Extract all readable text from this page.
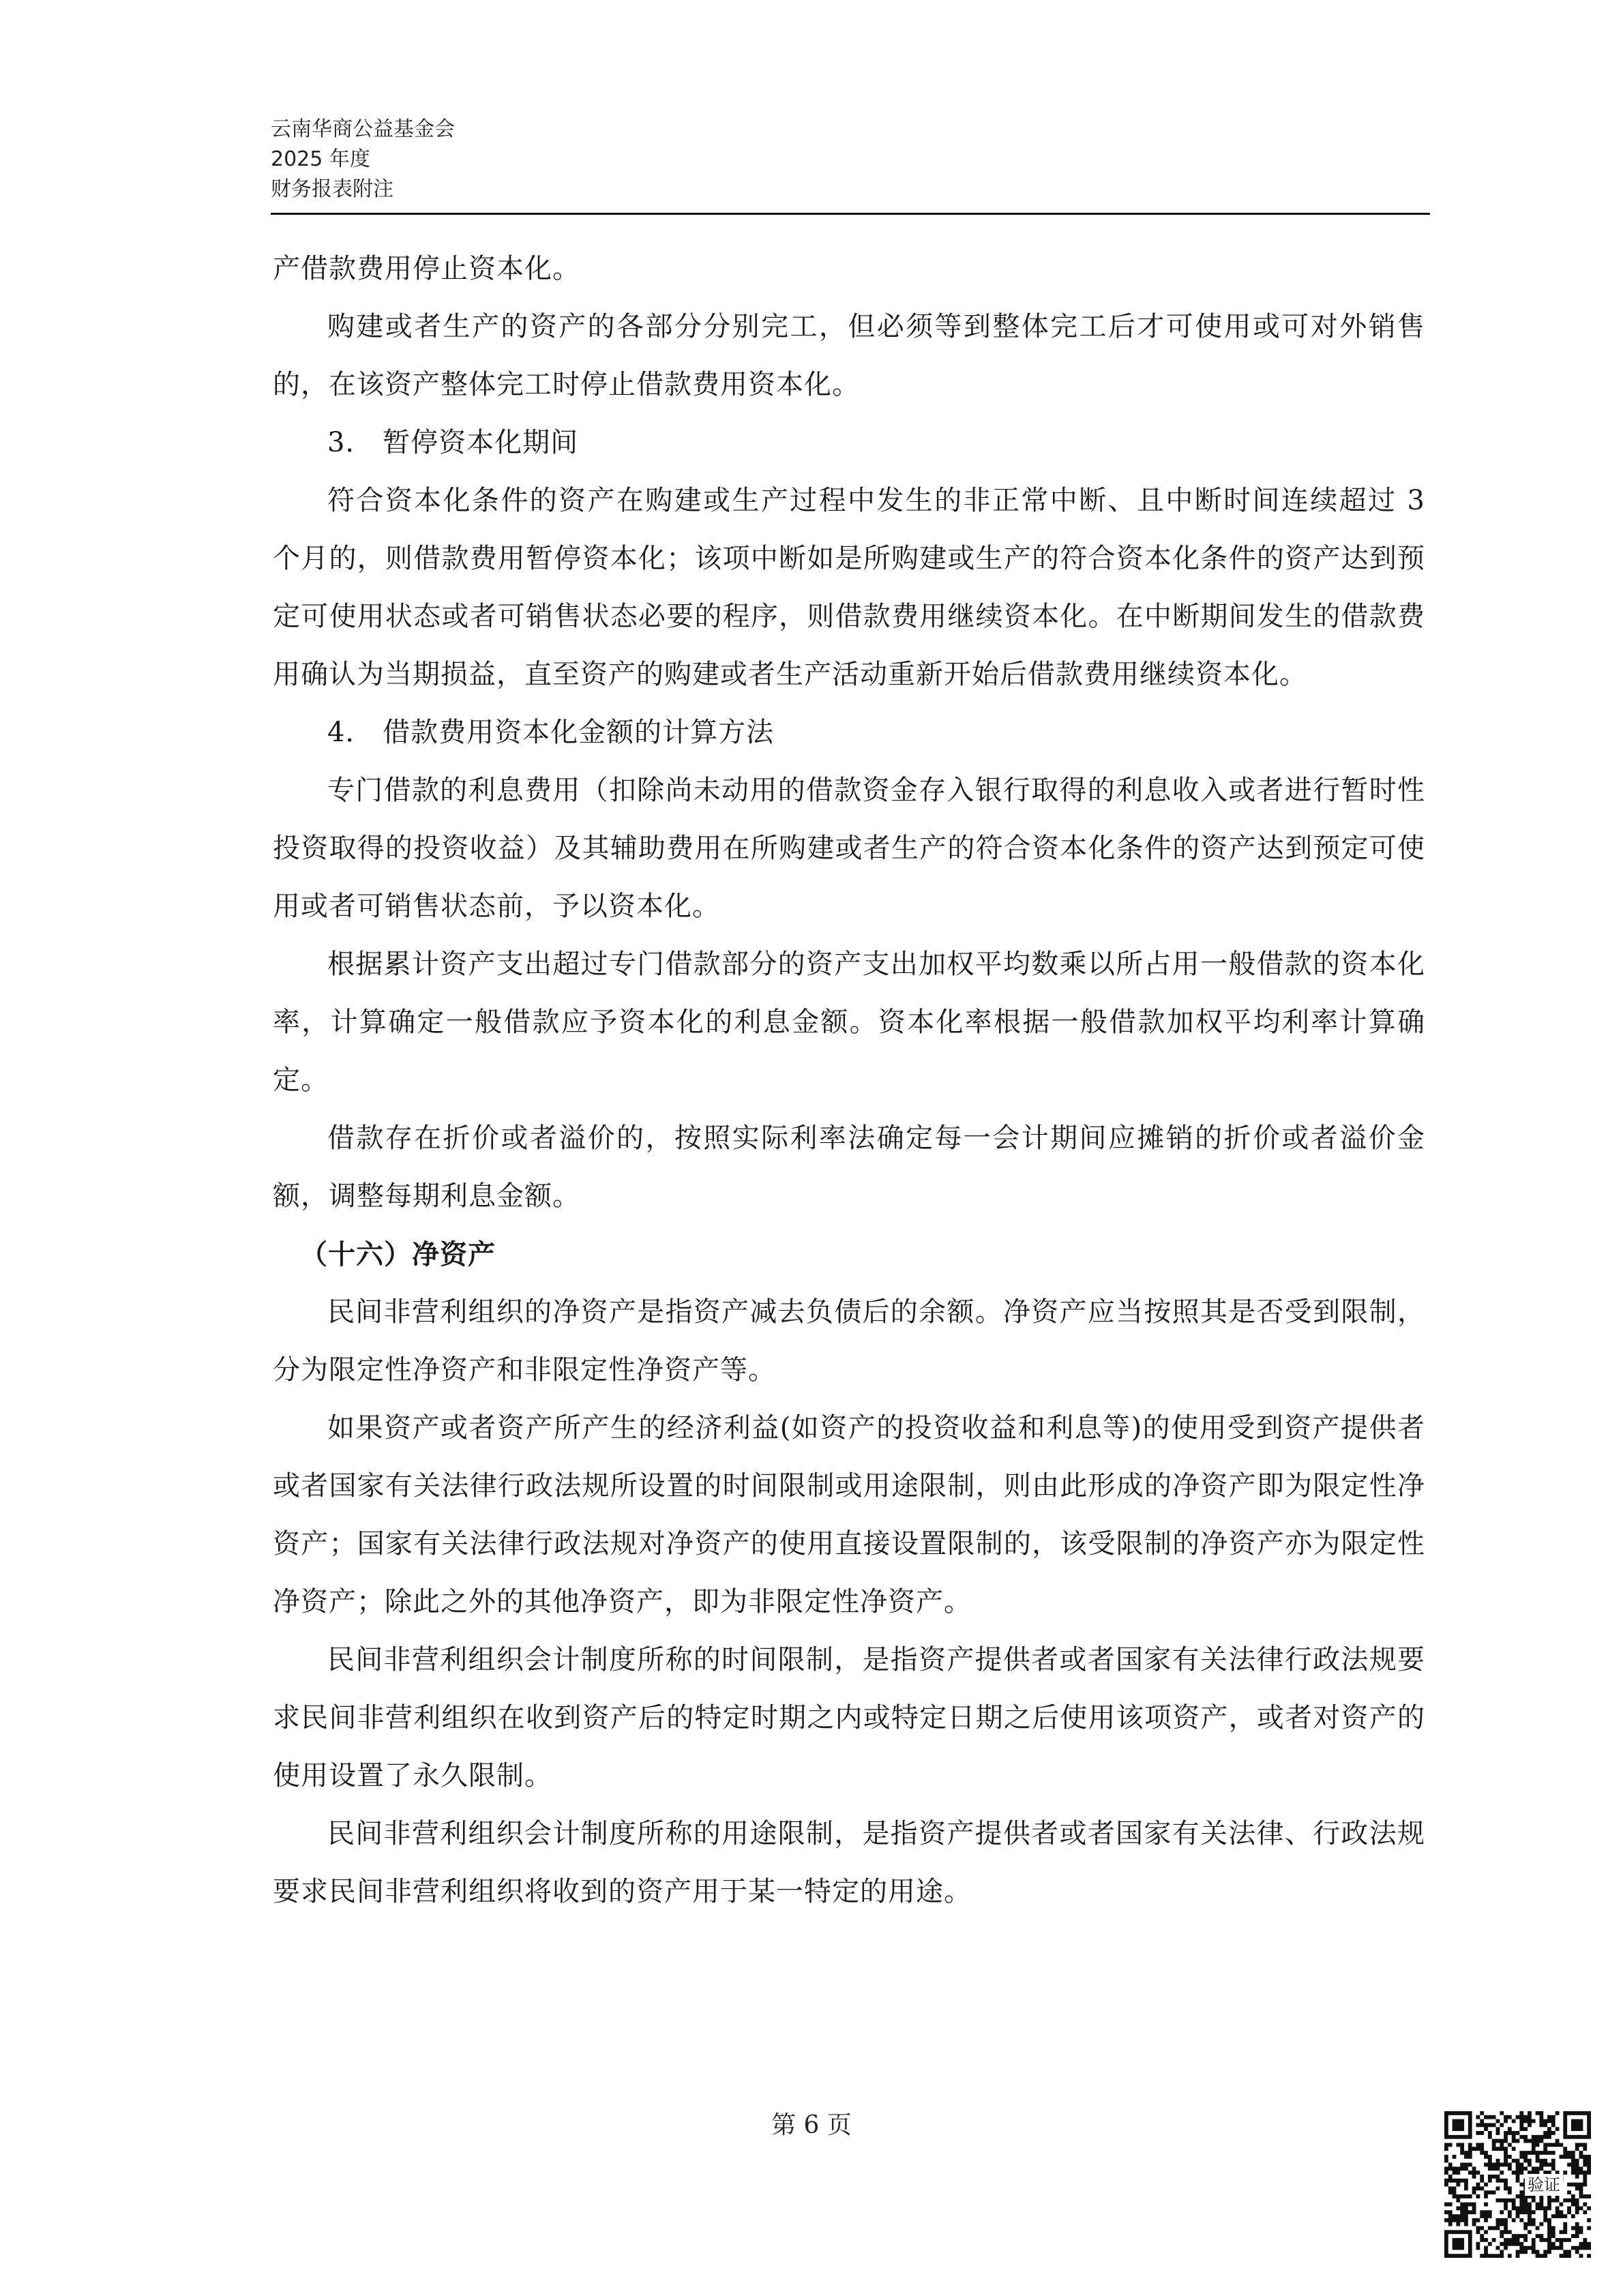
云南华商公益基金会
2025 年度
财务报表附注

产借款费用停止资本化。

购建或者生产的资产的各部分分别完工，但必须等到整体完工后才可使用或可对外销售的，在该资产整体完工时停止借款费用资本化。

3． 暂停资本化期间

符合资本化条件的资产在购建或生产过程中发生的非正常中断、且中断时间连续超过 3 个月的，则借款费用暂停资本化；该项中断如是所购建或生产的符合资本化条件的资产达到预定可使用状态或者可销售状态必要的程序，则借款费用继续资本化。在中断期间发生的借款费用确认为当期损益，直至资产的购建或者生产活动重新开始后借款费用继续资本化。

4． 借款费用资本化金额的计算方法

专门借款的利息费用（扣除尚未动用的借款资金存入银行取得的利息收入或者进行暂时性投资取得的投资收益）及其辅助费用在所购建或者生产的符合资本化条件的资产达到预定可使用或者可销售状态前，予以资本化。

根据累计资产支出超过专门借款部分的资产支出加权平均数乘以所占用一般借款的资本化率，计算确定一般借款应予资本化的利息金额。资本化率根据一般借款加权平均利率计算确定。

借款存在折价或者溢价的，按照实际利率法确定每一会计期间应摊销的折价或者溢价金额，调整每期利息金额。

（十六）净资产

民间非营利组织的净资产是指资产减去负债后的余额。净资产应当按照其是否受到限制，分为限定性净资产和非限定性净资产等。

如果资产或者资产所产生的经济利益(如资产的投资收益和利息等)的使用受到资产提供者或者国家有关法律行政法规所设置的时间限制或用途限制，则由此形成的净资产即为限定性净资产；国家有关法律行政法规对净资产的使用直接设置限制的，该受限制的净资产亦为限定性净资产；除此之外的其他净资产，即为非限定性净资产。

民间非营利组织会计制度所称的时间限制，是指资产提供者或者国家有关法律行政法规要求民间非营利组织在收到资产后的特定时期之内或特定日期之后使用该项资产，或者对资产的使用设置了永久限制。

民间非营利组织会计制度所称的用途限制，是指资产提供者或者国家有关法律、行政法规要求民间非营利组织将收到的资产用于某一特定的用途。

第 6 页
验证
